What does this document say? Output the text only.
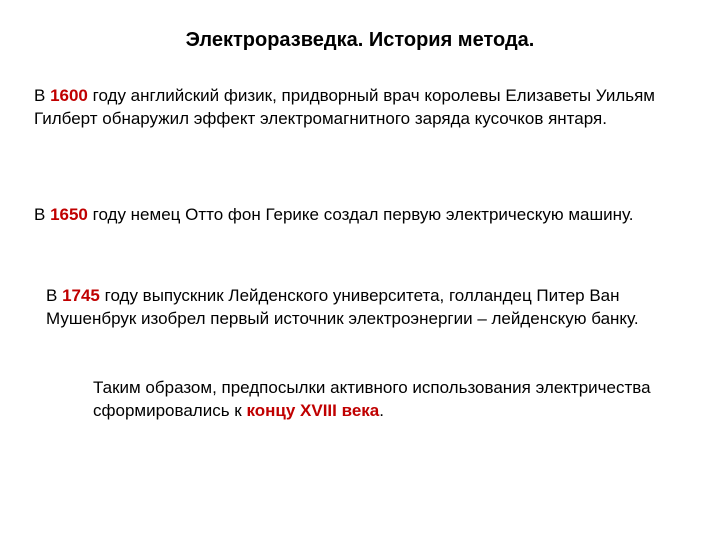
Электроразведка. История метода.
В 1600 году английский физик, придворный врач королевы Елизаветы Уильям Гилберт обнаружил эффект электромагнитного заряда кусочков янтаря.
В 1650 году немец Отто фон Герике создал первую электрическую машину.
В 1745 году выпускник Лейденского университета, голландец Питер Ван Мушенбрук изобрел первый источник электроэнергии – лейденскую банку.
Таким образом, предпосылки активного использования электричества сформировались к концу XVIII века.
